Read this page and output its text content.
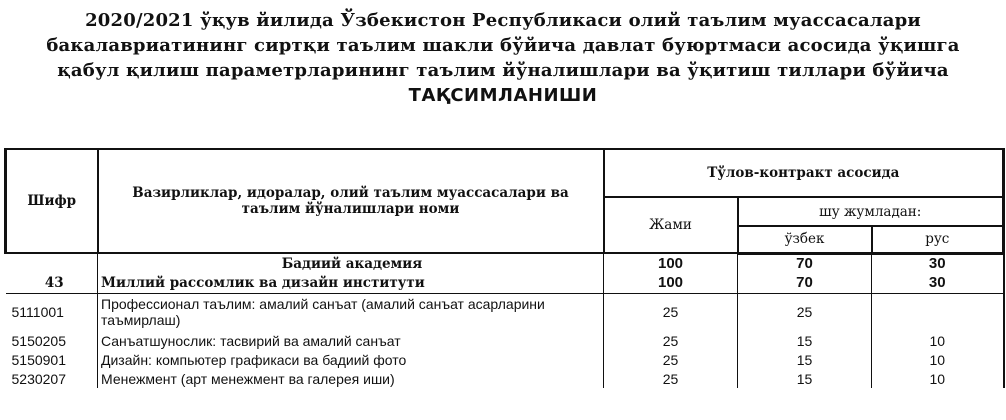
2020/2021 ўқув йилида Ўзбекистон Республикаси олий таълим муассасалари
бакалавриатининг сиртқи таълим шакли бўйича давлат буюртмаси асосида ўқишга
қабул қилиш параметрларининг таълим йўналишлари ва ўқитиш тиллари бўйича
ТАҚСИМЛАНИШИ
Шифр	Вазирликлар, идоралар, олий таълим муассасалари ва таълим йўналишлари номи	Тўлов-контракт асосида		
		Жами	шу жумладан:	
			ўзбек	рус
	Бадиий академия	100	70	30
43	Миллий рассомлик ва дизайн институти	100	70	30
5111001	Профессионал таълим: амалий санъат (амалий санъат асарларини таъмирлаш)	25	25	
5150205	Санъатшунослик: тасвирий ва амалий санъат	25	15	10
5150901	Дизайн: компьютер графикаси ва бадиий фото	25	15	10
5230207	Менежмент (арт менежмент ва галерея иши)	25	15	10
